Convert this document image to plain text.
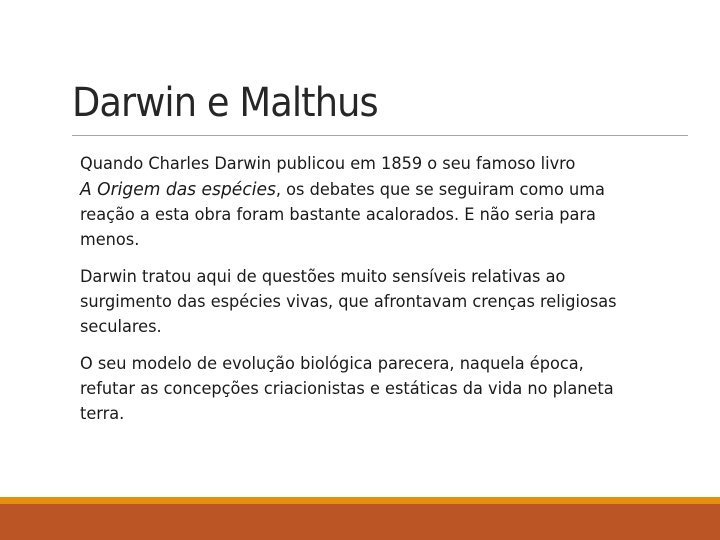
Darwin e Malthus

Quando Charles Darwin publicou em 1859 o seu famoso livro
A Origem das espécies, os debates que se seguiram como uma reação a esta obra foram bastante acalorados. E não seria para menos.

Darwin tratou aqui de questões muito sensíveis relativas ao surgimento das espécies vivas, que afrontavam crenças religiosas seculares.

O seu modelo de evolução biológica parecera, naquela época, refutar as concepções criacionistas e estáticas da vida no planeta terra.
